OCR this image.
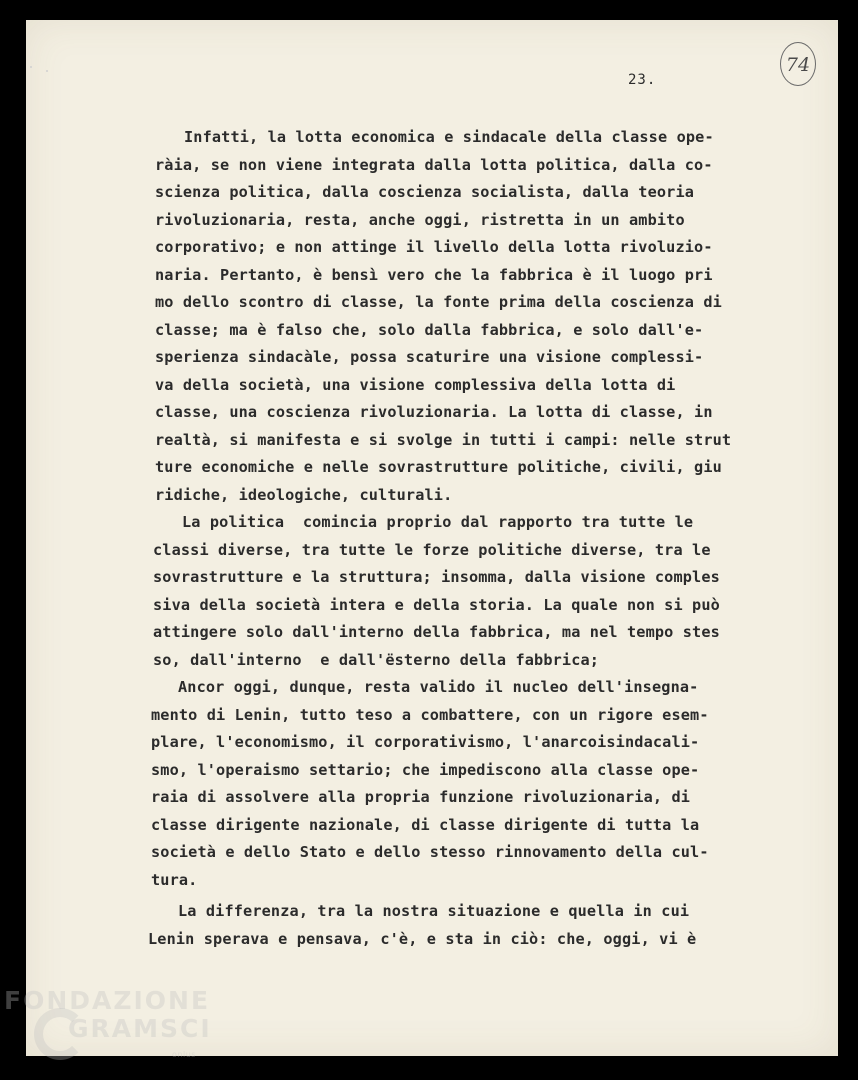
74
23.
Infatti, la lotta economica e sindacale della classe ope-
ràia, se non viene integrata dalla lotta politica, dalla co-
scienza politica, dalla coscienza socialista, dalla teoria
rivoluzionaria, resta, anche oggi, ristretta in un ambito
corporativo; e non attinge il livello della lotta rivoluzio-
naria. Pertanto, è bensì vero che la fabbrica è il luogo pri
mo dello scontro di classe, la fonte prima della coscienza di
classe; ma è falso che, solo dalla fabbrica, e solo dall'e-
sperienza sindacàle, possa scaturire una visione complessi-
va della società, una visione complessiva della lotta di
classe, una coscienza rivoluzionaria. La lotta di classe, in
realtà, si manifesta e si svolge in tutti i campi: nelle strut
ture economiche e nelle sovrastrutture politiche, civili, giu
ridiche, ideologiche, culturali.
La politica  comincia proprio dal rapporto tra tutte le
classi diverse, tra tutte le forze politiche diverse, tra le
sovrastrutture e la struttura; insomma, dalla visione comples
siva della società intera e della storia. La quale non si può
attingere solo dall'interno della fabbrica, ma nel tempo stes
so, dall'interno  e dall'ësterno della fabbrica;
Ancor oggi, dunque, resta valido il nucleo dell'insegna-
mento di Lenin, tutto teso a combattere, con un rigore esem-
plare, l'economismo, il corporativismo, l'anarcoisindacali-
smo, l'operaismo settario; che impediscono alla classe ope-
raia di assolvere alla propria funzione rivoluzionaria, di
classe dirigente nazionale, di classe dirigente di tutta la
società e dello Stato e dello stesso rinnovamento della cul-
tura.
La differenza, tra la nostra situazione e quella in cui
Lenin sperava e pensava, c'è, e sta in ciò: che, oggi, vi è
FONDAZIONE
GRAMSCI
onlus
